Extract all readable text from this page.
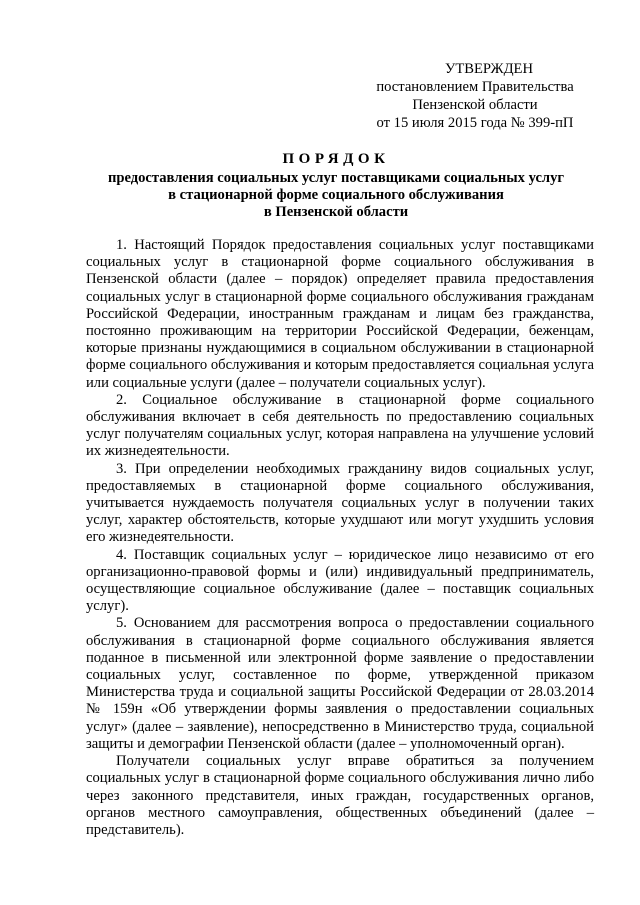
УТВЕРЖДЕН
постановлением Правительства
Пензенской области
от 15 июля 2015 года № 399-пП
ПОРЯДОК
предоставления социальных услуг поставщиками социальных услуг
в стационарной форме социального обслуживания
в Пензенской области

1. Настоящий Порядок предоставления социальных услуг поставщиками социальных услуг в стационарной форме социального обслуживания в Пензенской области (далее – порядок) определяет правила предоставления социальных услуг в стационарной форме социального обслуживания гражданам Российской Федерации, иностранным гражданам и лицам без гражданства, постоянно проживающим на территории Российской Федерации, беженцам, которые признаны нуждающимися в социальном обслуживании в стационарной форме социального обслуживания и которым предоставляется социальная услуга или социальные услуги (далее – получатели социальных услуг).

2. Социальное обслуживание в стационарной форме социального обслуживания включает в себя деятельность по предоставлению социальных услуг получателям социальных услуг, которая направлена на улучшение условий их жизнедеятельности.

3. При определении необходимых гражданину видов социальных услуг, предоставляемых в стационарной форме социального обслуживания, учитывается нуждаемость получателя социальных услуг в получении таких услуг, характер обстоятельств, которые ухудшают или могут ухудшить условия его жизнедеятельности.

4. Поставщик социальных услуг – юридическое лицо независимо от его организационно-правовой формы и (или) индивидуальный предприниматель, осуществляющие социальное обслуживание (далее – поставщик социальных услуг).

5. Основанием для рассмотрения вопроса о предоставлении социального обслуживания в стационарной форме социального обслуживания является поданное в письменной или электронной форме заявление о предоставлении социальных услуг, составленное по форме, утвержденной приказом Министерства труда и социальной защиты Российской Федерации от 28.03.2014 № 159н «Об утверждении формы заявления о предоставлении социальных услуг» (далее – заявление), непосредственно в Министерство труда, социальной защиты и демографии Пензенской области (далее – уполномоченный орган).

Получатели социальных услуг вправе обратиться за получением социальных услуг в стационарной форме социального обслуживания лично либо через законного представителя, иных граждан, государственных органов, органов местного самоуправления, общественных объединений (далее – представитель).
